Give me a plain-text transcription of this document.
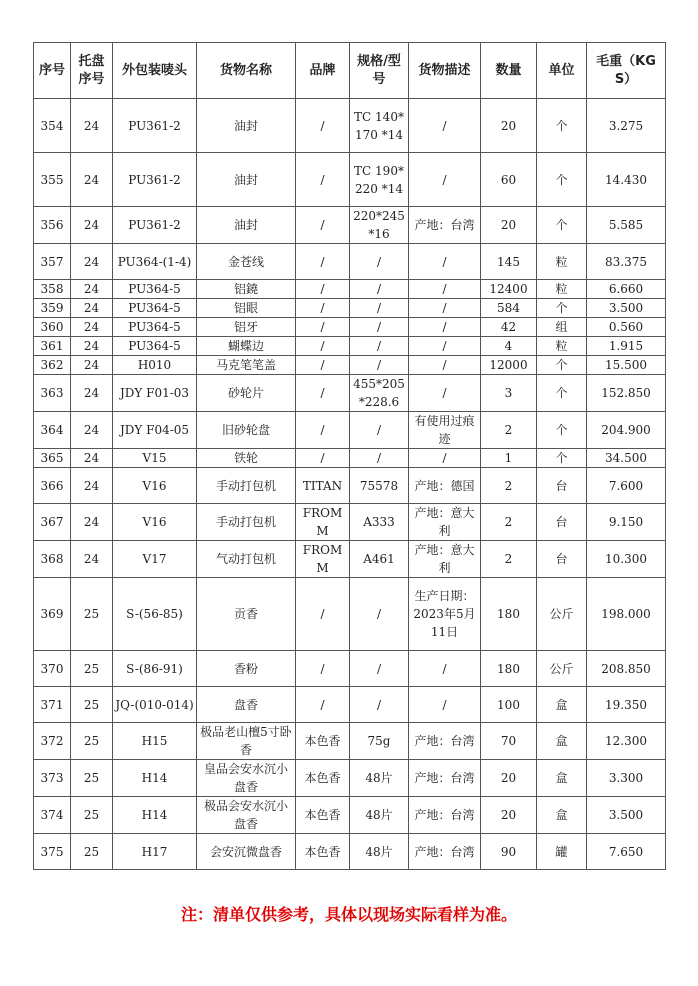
序号	托盘序号	外包装唛头	货物名称	品牌	规格/型号	货物描述	数量	单位	毛重（KGS）
354	24	PU361-2	油封	/	TC 140*170 *14	/	20	个	3.275
355	24	PU361-2	油封	/	TC 190*220 *14	/	60	个	14.430
356	24	PU361-2	油封	/	220*245 *16	产地：台湾	20	个	5.585
357	24	PU364-(1-4)	金苍线	/	/	/	145	粒	83.375
358	24	PU364-5	铝鐃	/	/	/	12400	粒	6.660
359	24	PU364-5	铝眼	/	/	/	584	个	3.500
360	24	PU364-5	铝牙	/	/	/	42	组	0.560
361	24	PU364-5	蝴蝶边	/	/	/	4	粒	1.915
362	24	H010	马克笔笔盖	/	/	/	12000	个	15.500
363	24	JDY F01-03	砂轮片	/	455*205 *228.6	/	3	个	152.850
364	24	JDY F04-05	旧砂轮盘	/	/	有使用过痕迹	2	个	204.900
365	24	V15	铁轮	/	/	/	1	个	34.500
366	24	V16	手动打包机	TITAN	75578	产地：德国	2	台	7.600
367	24	V16	手动打包机	FROMM	A333	产地：意大利	2	台	9.150
368	24	V17	气动打包机	FROMM	A461	产地：意大利	2	台	10.300
369	25	S-(56-85)	贡香	/	/	生产日期：2023年5月11日	180	公斤	198.000
370	25	S-(86-91)	香粉	/	/	/	180	公斤	208.850
371	25	JQ-(010-014)	盘香	/	/	/	100	盒	19.350
372	25	H15	极品老山檀5寸卧香	本色香	75g	产地：台湾	70	盒	12.300
373	25	H14	皇品会安水沉小盘香	本色香	48片	产地：台湾	20	盒	3.300
374	25	H14	极品会安水沉小盘香	本色香	48片	产地：台湾	20	盒	3.500
375	25	H17	会安沉微盘香	本色香	48片	产地：台湾	90	罐	7.650
注：清单仅供参考，具体以现场实际看样为准。
